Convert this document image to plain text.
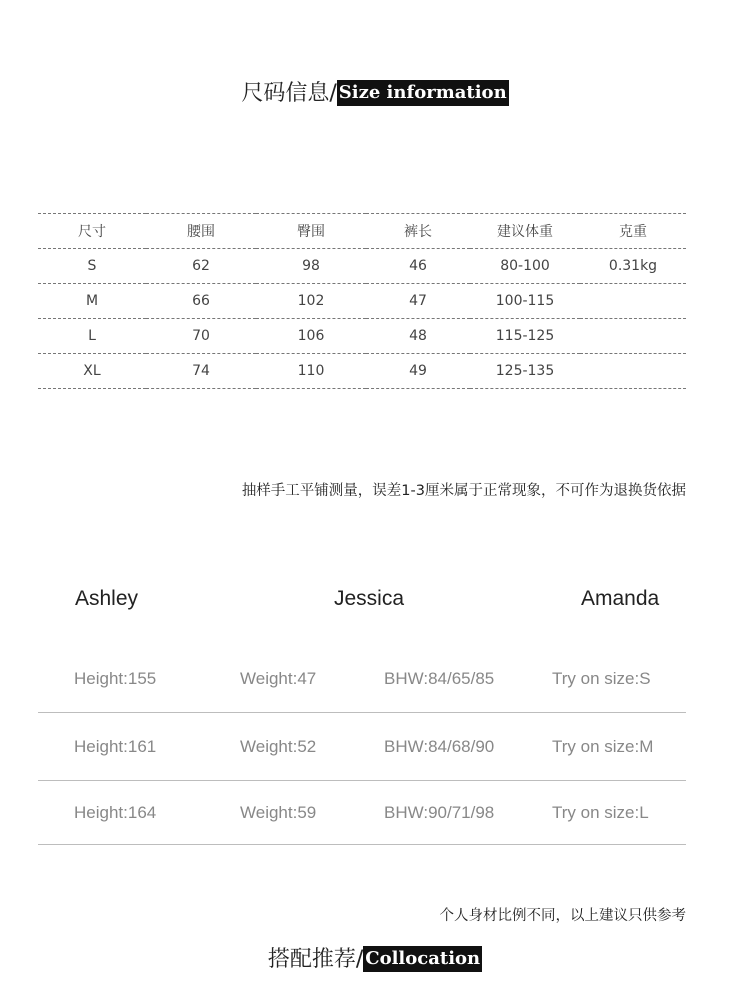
尺码信息/ Size information
尺寸	腰围	臀围	裤长	建议体重	克重
S	62	98	46	80-100	0.31kg
M	66	102	47	100-115	
L	70	106	48	115-125	
XL	74	110	49	125-135	
抽样手工平铺测量，误差1-3厘米属于正常现象，不可作为退换货依据
Ashley	Jessica	Amanda
Height:155	Weight:47	BHW:84/65/85	Try on size:S
Height:161	Weight:52	BHW:84/68/90	Try on size:M
Height:164	Weight:59	BHW:90/71/98	Try on size:L
个人身材比例不同，以上建议只供参考
搭配推荐/ Collocation
